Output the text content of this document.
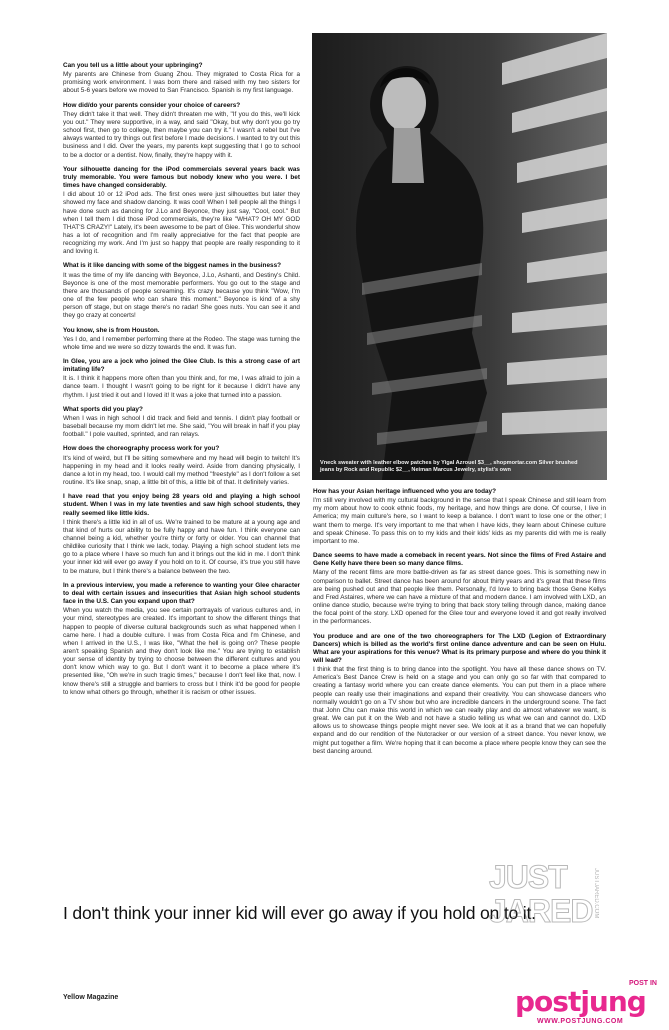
Can you tell us a little about your upbringing?

My parents are Chinese from Guang Zhou. They migrated to Costa Rica for a promising work environment. I was born there and raised with my two sisters for about 5-6 years before we moved to San Francisco. Spanish is my first language.

How did/do your parents consider your choice of careers?

They didn't take it that well. They didn't threaten me with, "If you do this, we'll kick you out." They were supportive, in a way, and said "Okay, but why don't you go try school first, then go to college, then maybe you can try it." I wasn't a rebel but I've always wanted to try things out first before I made decisions. I wanted to try out this business and I did. Over the years, my parents kept suggesting that I go to school to be a doctor or a dentist. Now, finally, they're happy with it.

Your silhouette dancing for the iPod commercials several years back was truly memorable. You were famous but nobody knew who you were. I bet times have changed considerably.

I did about 10 or 12 iPod ads. The first ones were just silhouettes but later they showed my face and shadow dancing. It was cool! When I tell people all the things I have done such as dancing for J.Lo and Beyonce, they just say, "Cool, cool." But when I tell them I did those iPod commercials, they're like "WHAT? OH MY GOD THAT'S CRAZY!" Lately, it's been awesome to be part of Glee. This wonderful show has a lot of recognition and I'm really appreciative for the fact that people are recognizing my work. And I'm just so happy that people are really responding to it and loving it.

What is it like dancing with some of the biggest names in the business?

It was the time of my life dancing with Beyonce, J.Lo, Ashanti, and Destiny's Child. Beyonce is one of the most memorable performers. You go out to the stage and there are thousands of people screaming. It's crazy because you think "Wow, I'm one of the few people who can share this moment." Beyonce is kind of a shy person off stage, but on stage there's no radar! She goes nuts. You can see it and they go crazy at concerts!

You know, she is from Houston.

Yes I do, and I remember performing there at the Rodeo. The stage was turning the whole time and we were so dizzy towards the end. It was fun.

In Glee, you are a jock who joined the Glee Club. Is this a strong case of art imitating life?

It is. I think it happens more often than you think and, for me, I was afraid to join a dance team. I thought I wasn't going to be right for it because I didn't have any rhythm. I just tried it out and I loved it! It was a joke that turned into a passion.

What sports did you play?

When I was in high school I did track and field and tennis. I didn't play football or baseball because my mom didn't let me. She said, "You will break in half if you play football." I pole vaulted, sprinted, and ran relays.

How does the choreography process work for you?

It's kind of weird, but I'll be sitting somewhere and my head will begin to twitch! It's happening in my head and it looks really weird. Aside from dancing physically, I dance a lot in my head, too. I would call my method "freestyle" as I don't follow a set routine. It's like snap, snap, a little bit of this, a little bit of that. It definitely varies.

I have read that you enjoy being 28 years old and playing a high school student. When I was in my late twenties and saw high school students, they really seemed like little kids.

I think there's a little kid in all of us. We're trained to be mature at a young age and that kind of hurts our ability to be fully happy and have fun. I think everyone can channel being a kid, whether you're thirty or forty or older. You can channel that childlike curiosity that I think we lack, today. Playing a high school student lets me go to a place where I have so much fun and it brings out the kid in me. I don't think your inner kid will ever go away if you hold on to it. Of course, it's true you still have to be mature, but I think there's a balance between the two.

In a previous interview, you made a reference to wanting your Glee character to deal with certain issues and insecurities that Asian high school students face in the U.S. Can you expand upon that?

When you watch the media, you see certain portrayals of various cultures and, in your mind, stereotypes are created. It's important to show the different things that happen to people of diverse cultural backgrounds such as what happened when I came here. I had a double culture. I was from Costa Rica and I'm Chinese, and when I arrived in the U.S., I was like, "What the hell is going on? These people aren't speaking Spanish and they don't look like me." You are trying to establish your sense of identity by trying to choose between the different cultures and you don't know which way to go. But I don't want it to become a place where it's presented like, "Oh we're in such tragic times," because I don't feel like that, now. I know there's still a struggle and barriers to cross but I think it'd be good for people to know what others go through, whether it is racism or other issues.

Vneck sweater with leather elbow patches by Yigal Azrouel $3__, shopmortar.com Silver brushed jeans by Rock and Republic $2__, Neiman Marcus Jewelry, stylist's own

How has your Asian heritage influenced who you are today?

I'm still very involved with my cultural background in the sense that I speak Chinese and still learn from my mom about how to cook ethnic foods, my heritage, and how things are done. Of course, I live in America; my main culture's here, so I want to keep a balance. I don't want to lose one or the other; I want them to merge. It's very important to me that when I have kids, they learn about Chinese culture and speak Chinese. To pass this on to my kids and their kids' kids as my parents did with me is really important to me.

Dance seems to have made a comeback in recent years. Not since the films of Fred Astaire and Gene Kelly have there been so many dance films.

Many of the recent films are more battle-driven as far as street dance goes. This is something new in comparison to ballet. Street dance has been around for about thirty years and it's great that these films are being pushed out and that people like them. Personally, I'd love to bring back those Gene Kellys and Fred Astaires, where we can have a mixture of that and modern dance. I am involved with LXD, an online dance studio, because we're trying to bring that back story telling through dance, making dance the focal point of the story. LXD opened for the Glee tour and everyone loved it and got really involved in the performances.

You produce and are one of the two choreographers for The LXD (Legion of Extraordinary Dancers) which is billed as the world's first online dance adventure and can be seen on Hulu. What are your aspirations for this venue? What is its primary purpose and where do you think it will lead?

I think that the first thing is to bring dance into the spotlight. You have all these dance shows on TV. America's Best Dance Crew is held on a stage and you can only go so far with that compared to creating a fantasy world where you can create dance elements. You can put them in a place where people can really use their imaginations and expand their creativity. You can showcase dancers who normally wouldn't go on a TV show but who are incredible dancers in the underground scene. The fact that John Chu can make this world in which we can really play and do almost whatever we want, is great. We can put it on the Web and not have a studio telling us what we can and cannot do. LXD allows us to showcase things people might never see. We look at it as a brand that we can hopefully expand and do our rendition of the Nutcracker or our version of a street dance. You never know, we might put together a film. We're hoping that it can become a place where people know they can see the best dancing around.

I don't think your inner kid will ever go away if you hold on to it.
JUST
JARED JUSTJARED.COM
Yellow Magazine
POST IN
postjung
WWW.POSTJUNG.COM
